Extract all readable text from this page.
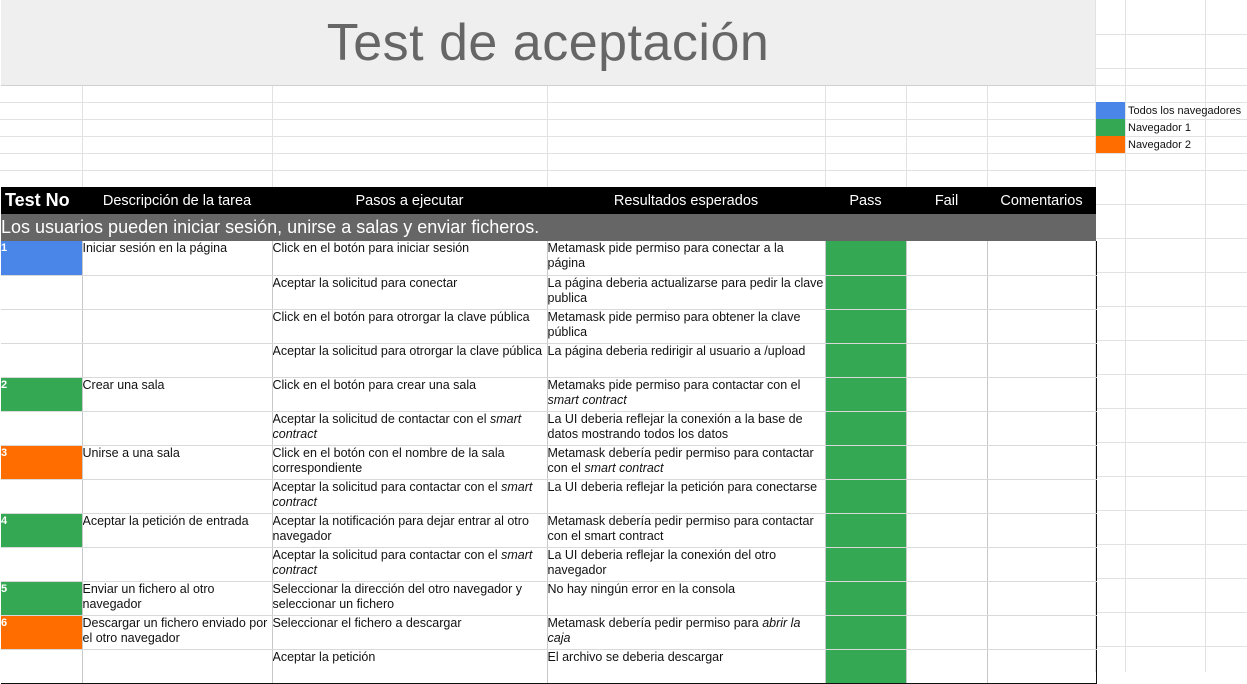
Test de aceptación
Todos los navegadores
Navegador 1
Navegador 2
Test No	Descripción de la tarea	Pasos a ejecutar	Resultados esperados	Pass	Fail	Comentarios
Los usuarios pueden iniciar sesión, unirse a salas y enviar ficheros.						
1	Iniciar sesión en la página	Click en el botón para iniciar sesión	Metamask pide permiso para conectar a la página			
		Aceptar la solicitud para conectar	La página deberia actualizarse para pedir la clave publica			
		Click en el botón para otrorgar la clave pública	Metamask pide permiso para obtener la clave pública			
		Aceptar la solicitud para otrorgar la clave pública	La página deberia redirigir al usuario a /upload			
2	Crear una sala	Click en el botón para crear una sala	Metamaks pide permiso para contactar con el smart contract			
		Aceptar la solicitud de contactar con el smart contract	La UI deberia reflejar la conexión a la base de datos mostrando todos los datos			
3	Unirse a una sala	Click en el botón con el nombre de la sala correspondiente	Metamask debería pedir permiso para contactar con el smart contract			
		Aceptar la solicitud para contactar con el smart contract	La UI deberia reflejar la petición para conectarse			
4	Aceptar la petición de entrada	Aceptar la notificación para dejar entrar al otro navegador	Metamask debería pedir permiso para contactar con el smart contract			
		Aceptar la solicitud para contactar con el smart contract	La UI deberia reflejar la conexión del otro navegador			
5	Enviar un fichero al otro navegador	Seleccionar la dirección del otro navegador y seleccionar un fichero	No hay ningún error en la consola			
6	Descargar un fichero enviado por el otro navegador	Seleccionar el fichero a descargar	Metamask debería pedir permiso para abrir la caja			
		Aceptar la petición	El archivo se deberia descargar			
